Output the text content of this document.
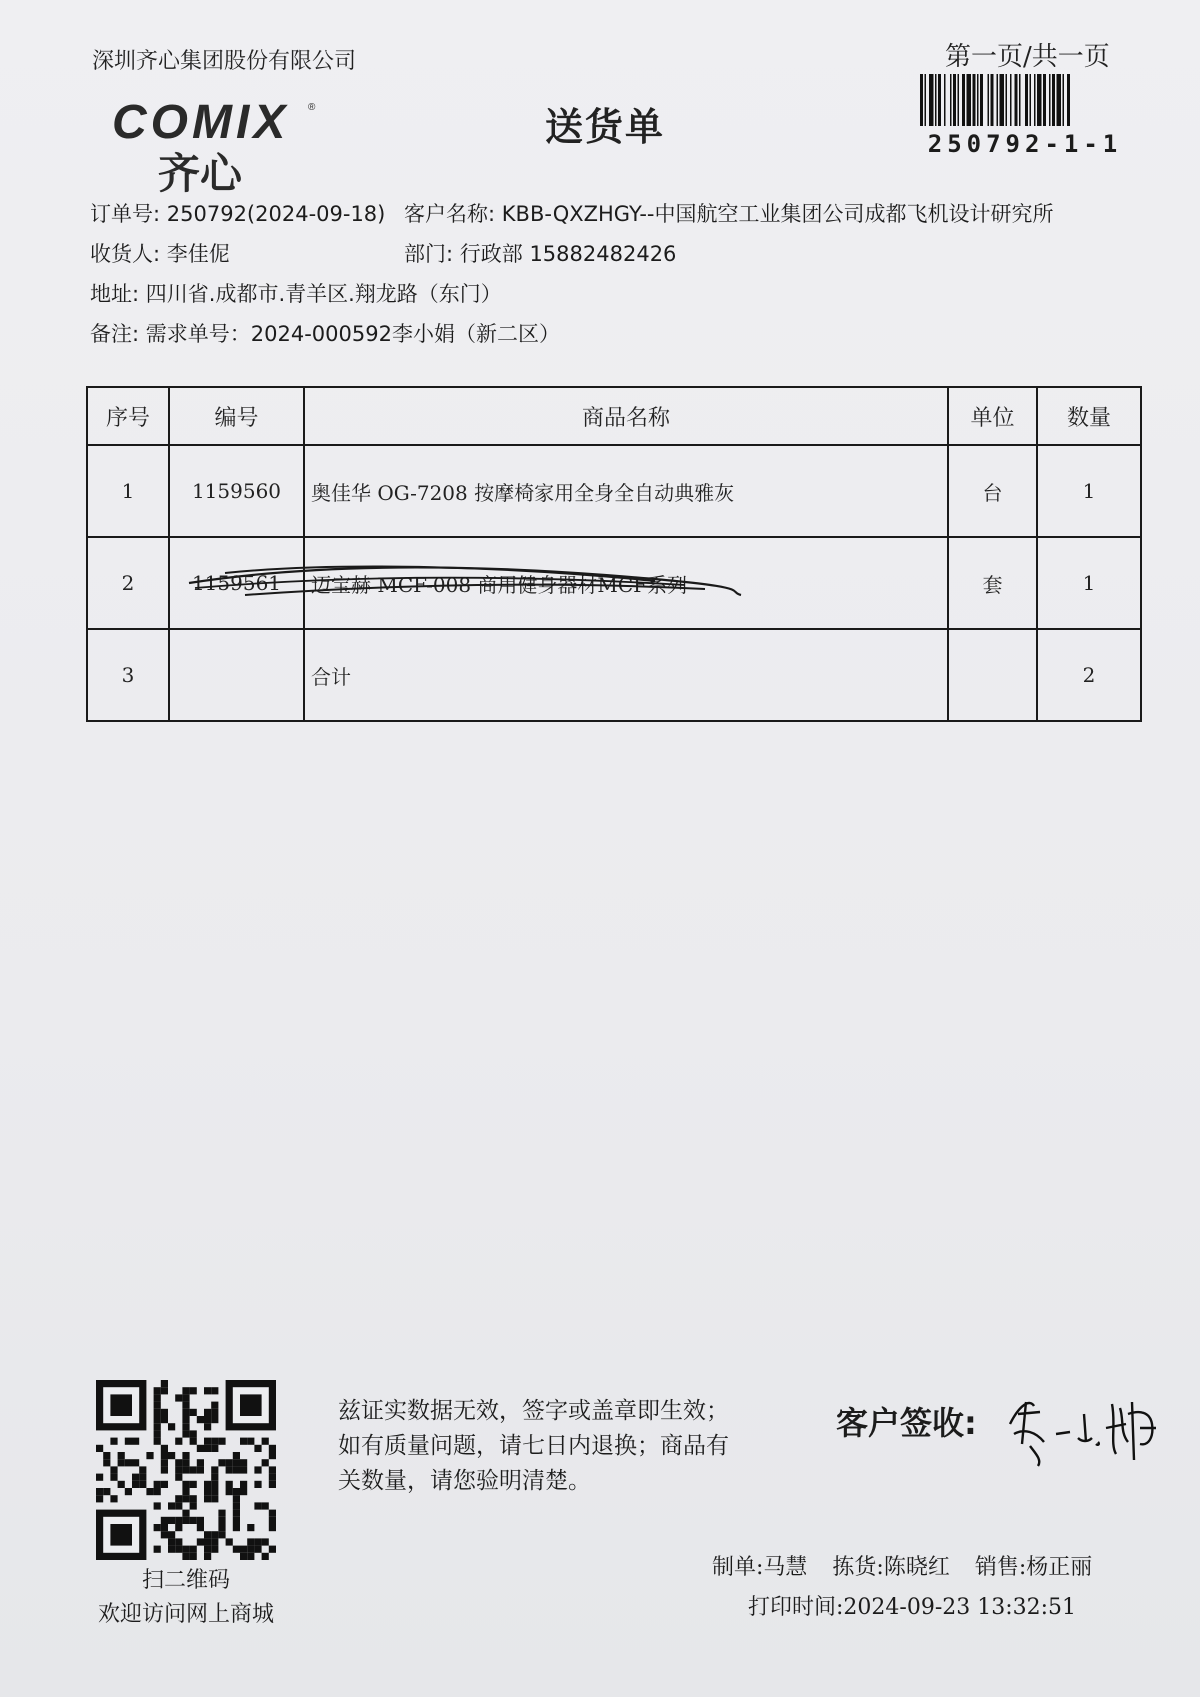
深圳齐心集团股份有限公司
COMIX ®
齐心
送货单
第一页/共一页
250792-1-1
订单号: 250792(2024-09-18) 客户名称: KBB-QXZHGY--中国航空工业集团公司成都飞机设计研究所
收货人: 李佳伲	部门: 行政部 15882482426
地址: 四川省.成都市.青羊区.翔龙路（东门）
备注: 需求单号：2024-000592李小娟（新二区）
序号	编号	商品名称	单位	数量
1	1159560	奥佳华 OG-7208 按摩椅家用全身全自动典雅灰	台	1
2	1159561	迈宝赫 MCF-008 商用健身器材MCF系列	套	1
3		合计		2
扫二维码
欢迎访问网上商城
兹证实数据无效，签字或盖章即生效；如有质量问题，请七日内退换；商品有关数量，请您验明清楚。
客户签收:
制单:马慧 拣货:陈晓红 销售:杨正丽
打印时间:2024-09-23 13:32:51
